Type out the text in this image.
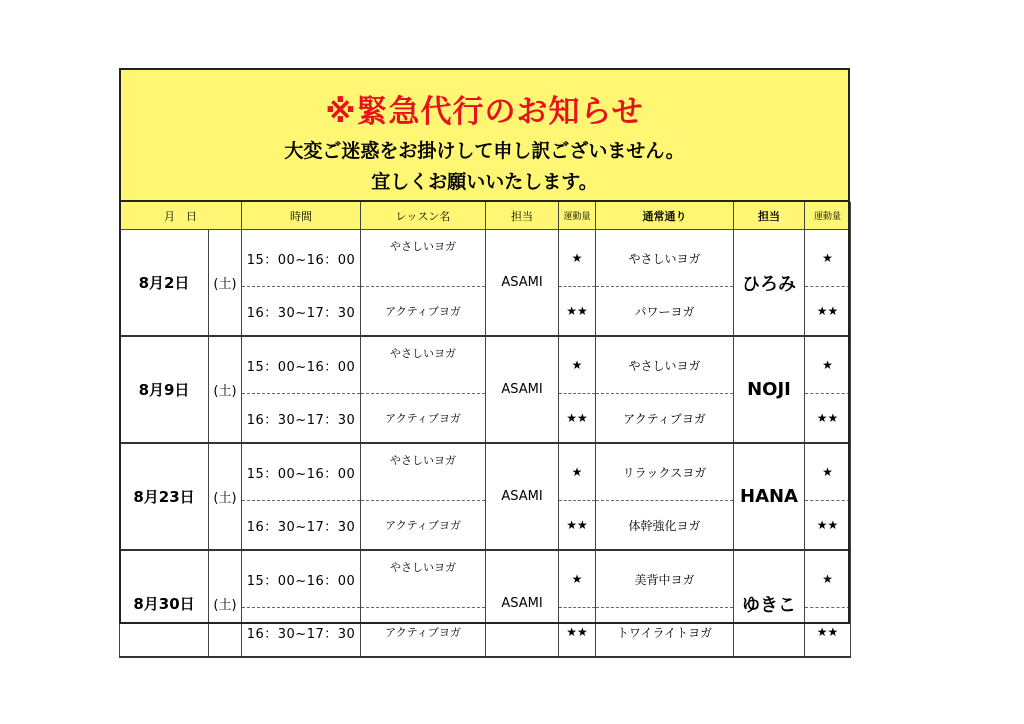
※緊急代行のお知らせ
大変ご迷惑をお掛けして申し訳ございません。
宜しくお願いいたします。
月　日		時間	レッスン名	担当	運動量	通常通り	担当	運動量
8月2日	(土)	15：00~16：00	やさしいヨガ	ASAMI	★	やさしいヨガ	ひろみ	★
		16：30~17：30	アクティブヨガ		★★	パワーヨガ		★★
8月9日	(土)	15：00~16：00	やさしいヨガ	ASAMI	★	やさしいヨガ	NOJI	★
		16：30~17：30	アクティブヨガ		★★	アクティブヨガ		★★
8月23日	(土)	15：00~16：00	やさしいヨガ	ASAMI	★	リラックスヨガ	HANA	★
		16：30~17：30	アクティブヨガ		★★	体幹強化ヨガ		★★
8月30日	(土)	15：00~16：00	やさしいヨガ	ASAMI	★	美背中ヨガ	ゆきこ	★
		16：30~17：30	アクティブヨガ		★★	トワイライトヨガ		★★
